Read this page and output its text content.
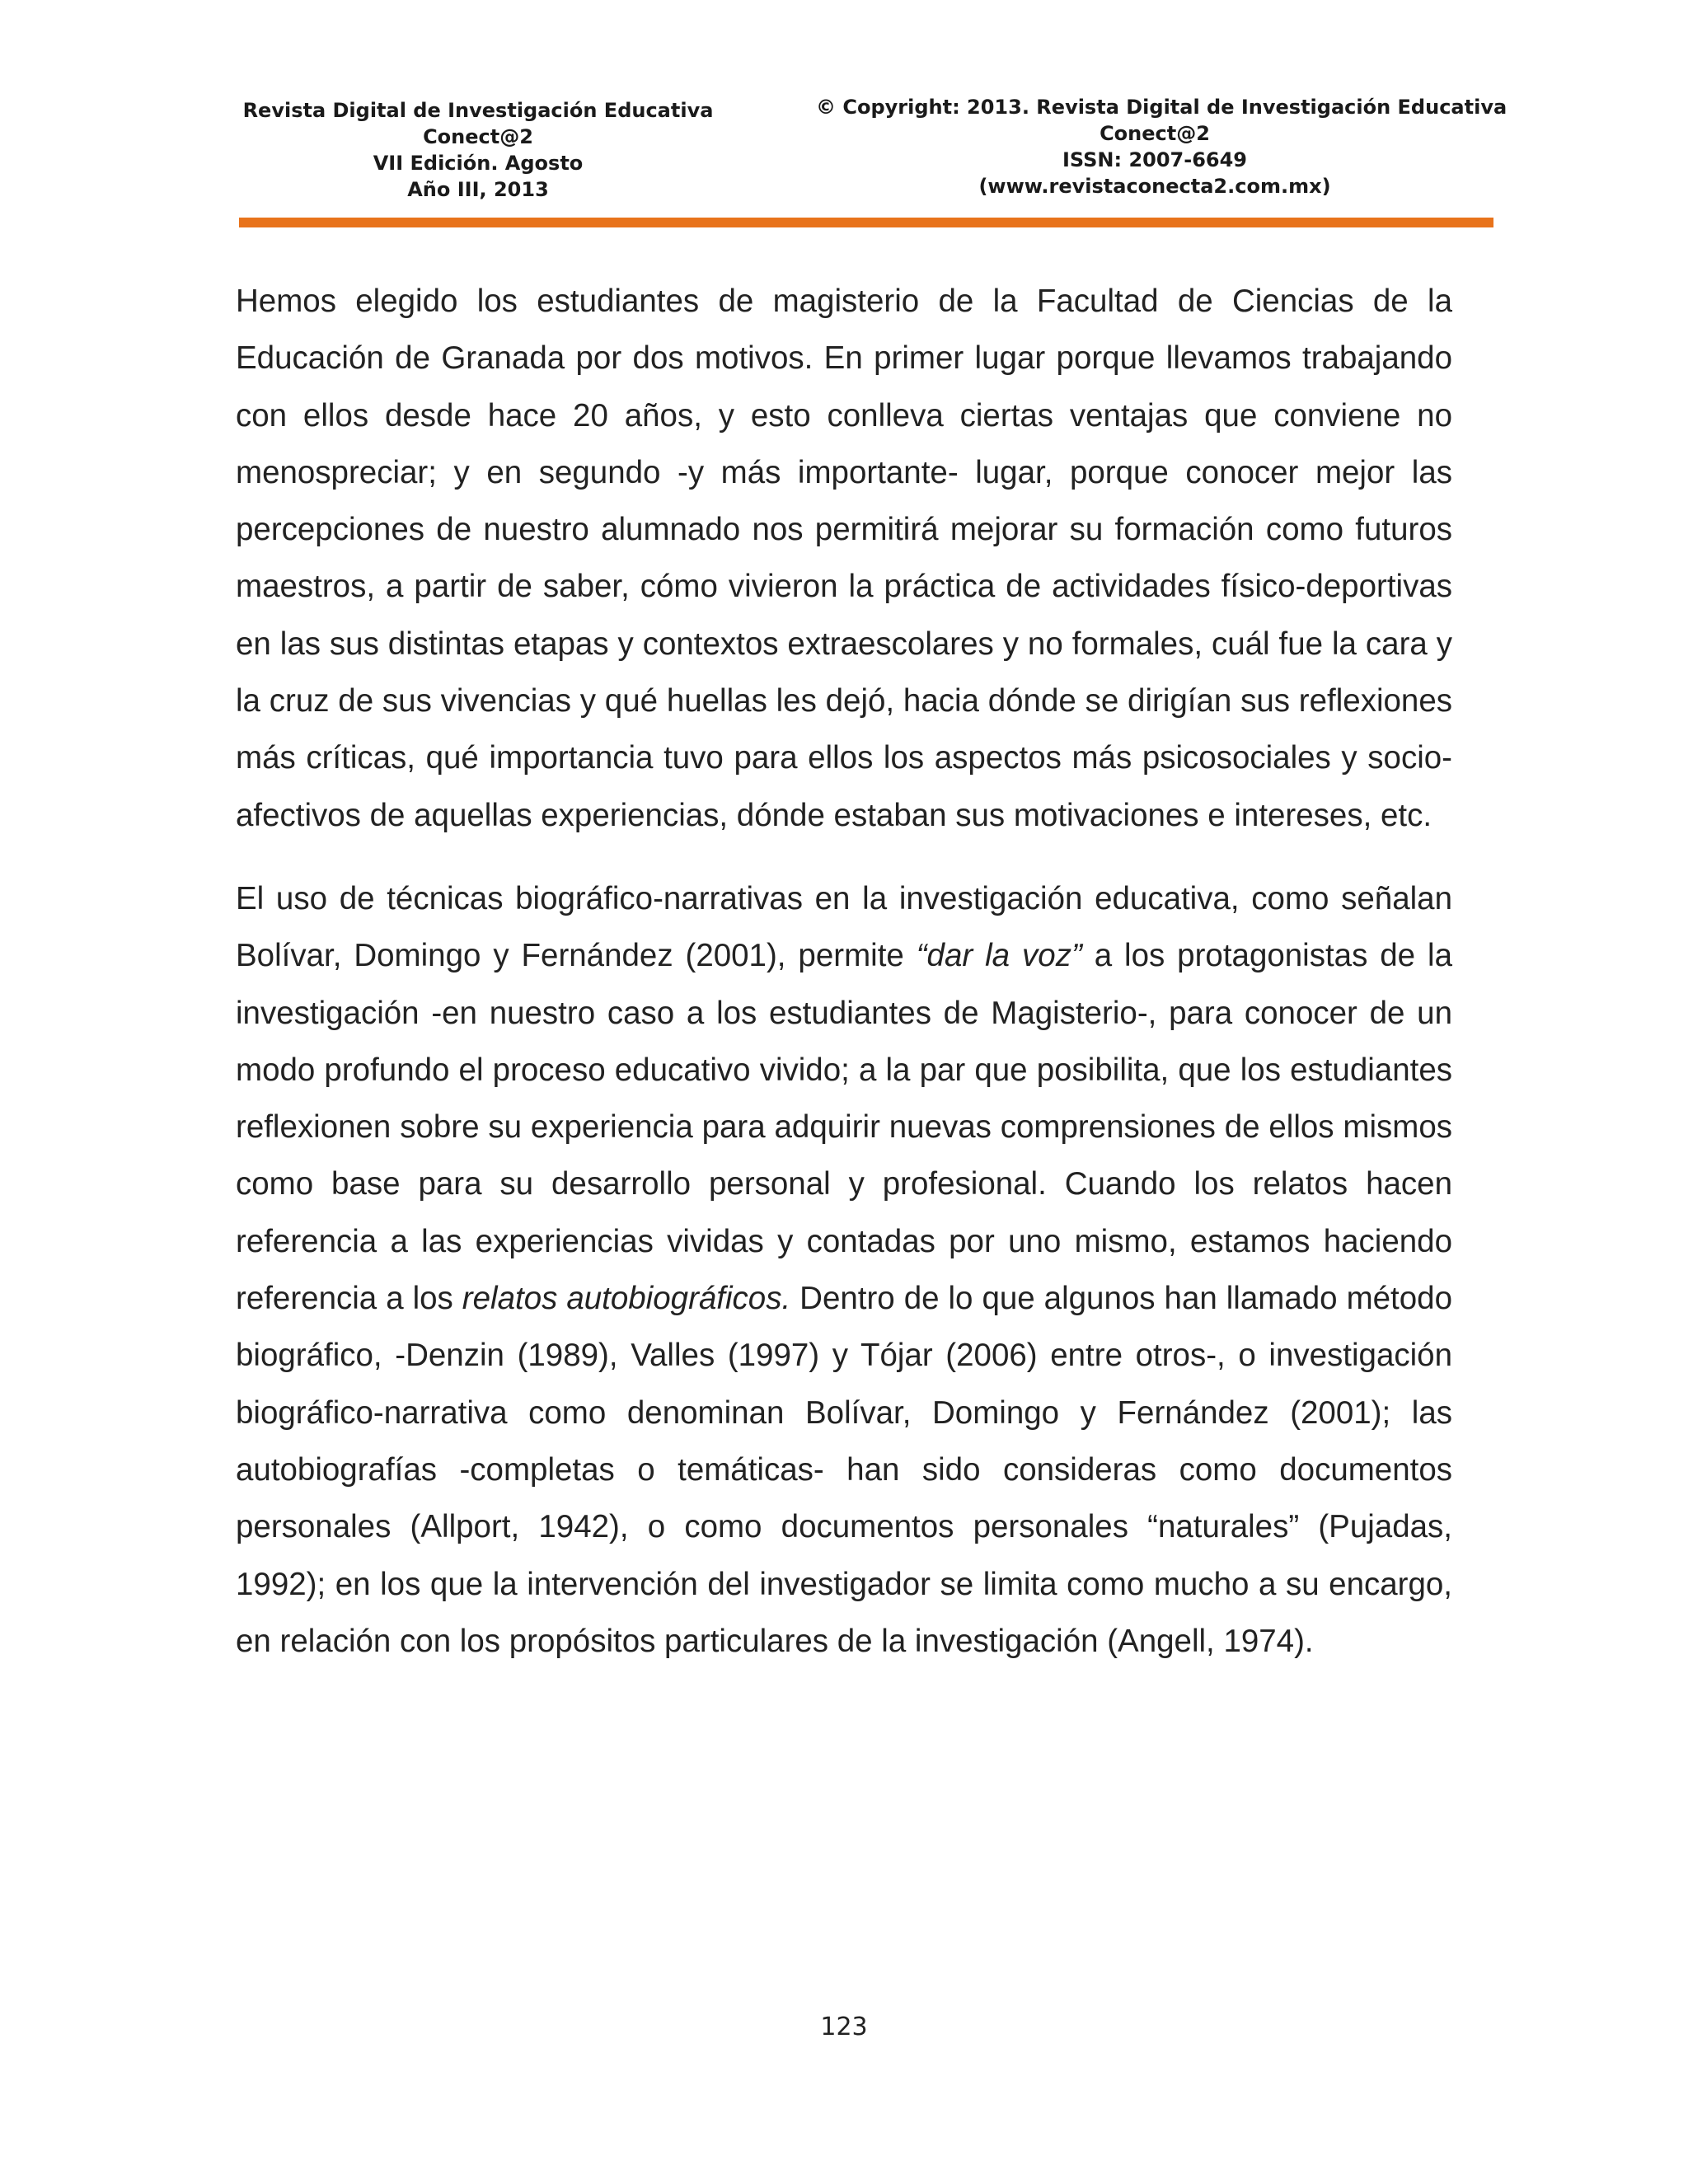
Revista Digital de Investigación Educativa
Conect@2
VII Edición. Agosto
Año III, 2013
© Copyright: 2013. Revista Digital de Investigación Educativa
Conect@2
ISSN: 2007-6649
(www.revistaconecta2.com.mx)

Hemos elegido los estudiantes de magisterio de la Facultad de Ciencias de la Educación de Granada por dos motivos. En primer lugar porque llevamos trabajando con ellos desde hace 20 años, y esto conlleva ciertas ventajas que conviene no menospreciar; y en segundo -y más importante- lugar, porque conocer mejor las percepciones de nuestro alumnado nos permitirá mejorar su formación como futuros maestros, a partir de saber, cómo vivieron la práctica de actividades físico-deportivas en las sus distintas etapas y contextos extraescolares y no formales, cuál fue la cara y la cruz de sus vivencias y qué huellas les dejó, hacia dónde se dirigían sus reflexiones más críticas, qué importancia tuvo para ellos los aspectos más psicosociales y socio-afectivos de aquellas experiencias, dónde estaban sus motivaciones e intereses, etc.

El uso de técnicas biográfico-narrativas en la investigación educativa, como señalan Bolívar, Domingo y Fernández (2001), permite “dar la voz” a los protagonistas de la investigación -en nuestro caso a los estudiantes de Magisterio-, para conocer de un modo profundo el proceso educativo vivido; a la par que posibilita, que los estudiantes reflexionen sobre su experiencia para adquirir nuevas comprensiones de ellos mismos como base para su desarrollo personal y profesional. Cuando los relatos hacen referencia a las experiencias vividas y contadas por uno mismo, estamos haciendo referencia a los relatos autobiográficos. Dentro de lo que algunos han llamado método biográfico, -Denzin (1989), Valles (1997) y Tójar (2006) entre otros-, o investigación biográfico-narrativa como denominan Bolívar, Domingo y Fernández (2001); las autobiografías -completas o temáticas- han sido consideras como documentos personales (Allport, 1942), o como documentos personales “naturales” (Pujadas, 1992); en los que la intervención del investigador se limita como mucho a su encargo, en relación con los propósitos particulares de la investigación (Angell, 1974).

123
